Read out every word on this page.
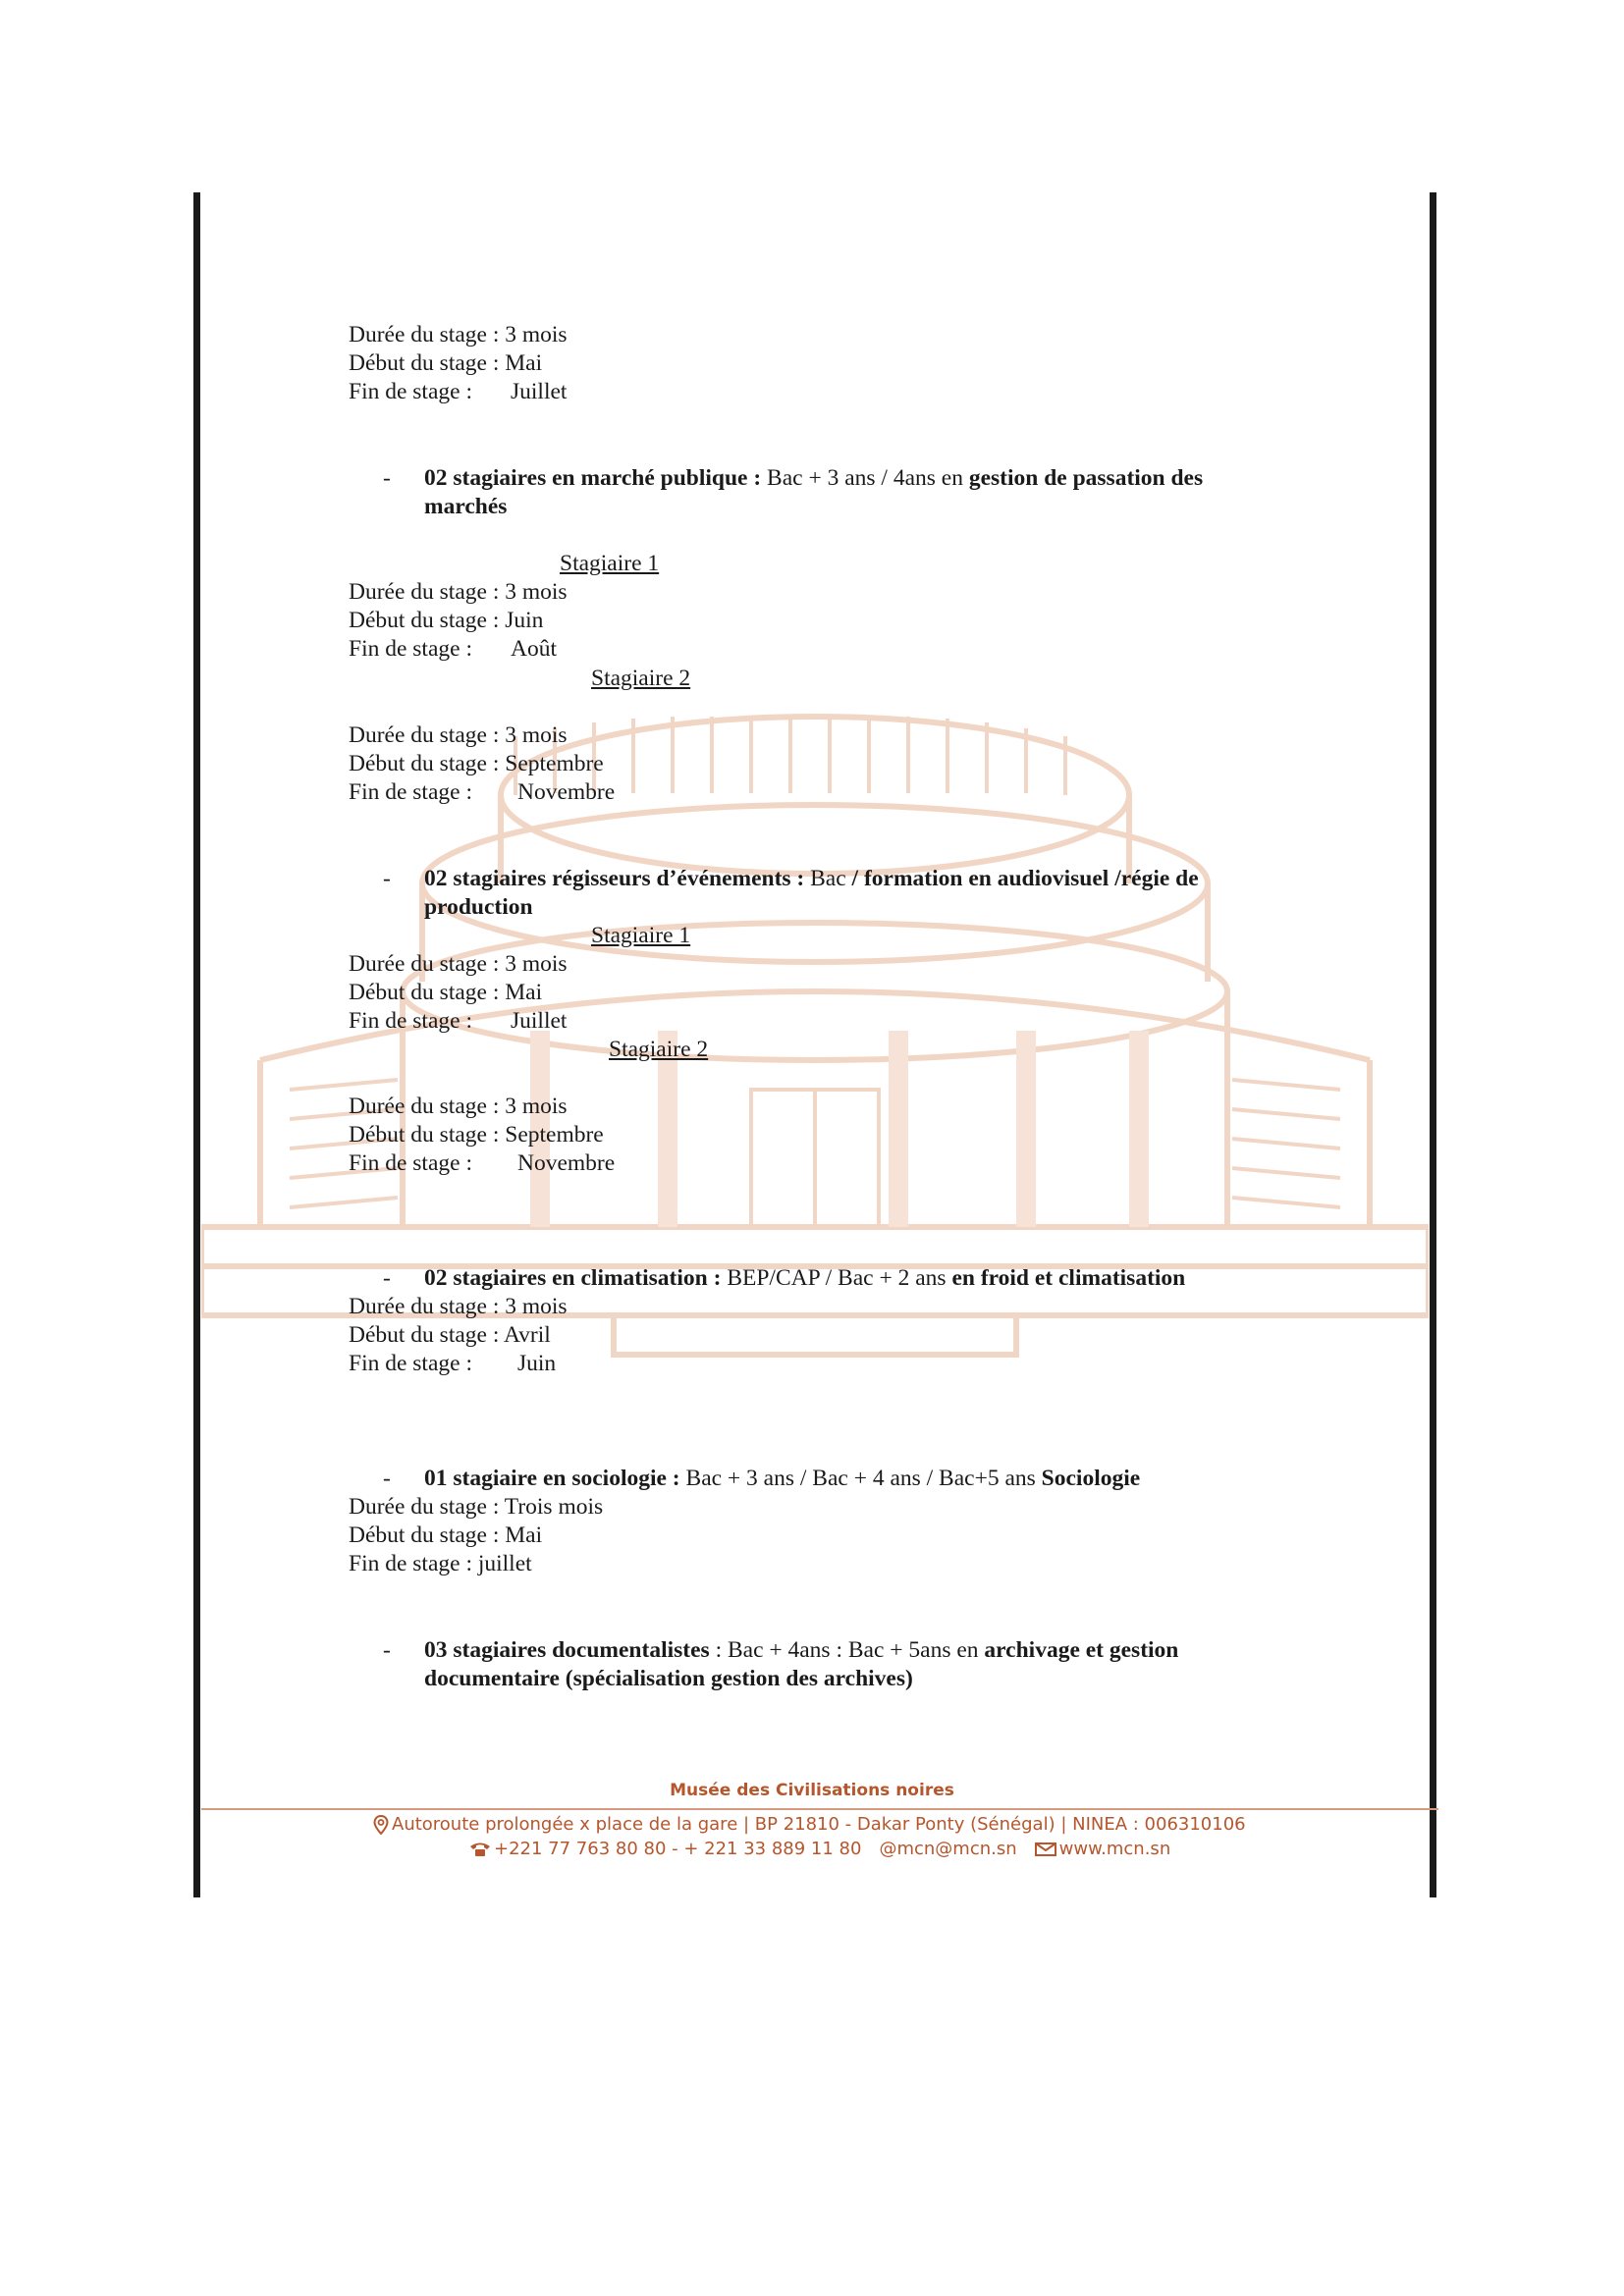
Durée du stage : 3 mois
Début du stage : Mai
Fin de stage : Juillet
- 02 stagiaires en marché publique : Bac + 3 ans / 4ans en gestion de passation des marchés
Stagiaire 1
Durée du stage : 3 mois
Début du stage : Juin
Fin de stage : Août
Stagiaire 2
Durée du stage : 3 mois
Début du stage : Septembre
Fin de stage : Novembre
- 02 stagiaires régisseurs d’événements : Bac / formation en audiovisuel /régie de production
Stagiaire 1
Durée du stage : 3 mois
Début du stage : Mai
Fin de stage : Juillet
Stagiaire 2
Durée du stage : 3 mois
Début du stage : Septembre
Fin de stage : Novembre
- 02 stagiaires en climatisation : BEP/CAP / Bac + 2 ans en froid et climatisation
Durée du stage : 3 mois
Début du stage : Avril
Fin de stage : Juin
- 01 stagiaire en sociologie : Bac + 3 ans / Bac + 4 ans / Bac+5 ans Sociologie
Durée du stage : Trois mois
Début du stage : Mai
Fin de stage : juillet
- 03 stagiaires documentalistes : Bac + 4ans : Bac + 5ans en archivage et gestion documentaire (spécialisation gestion des archives)
Musée des Civilisations noires
Autoroute prolongée x place de la gare | BP 21810 - Dakar Ponty (Sénégal) | NINEA : 006310106
+221 77 763 80 80 - + 221 33 889 11 80 @mcn@mcn.sn www.mcn.sn
